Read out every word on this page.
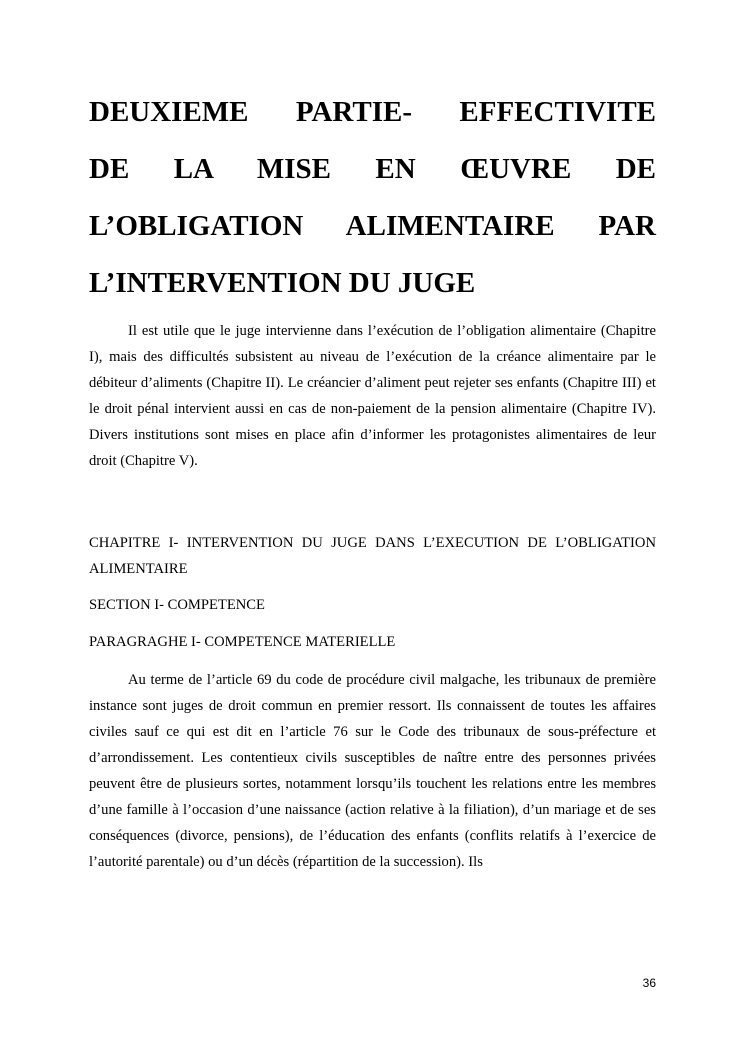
DEUXIEME PARTIE- EFFECTIVITE
DE LA MISE EN ŒUVRE DE
L’OBLIGATION ALIMENTAIRE PAR
L’INTERVENTION DU JUGE

Il est utile que le juge intervienne dans l’exécution de l’obligation alimentaire (Chapitre I), mais des difficultés subsistent au niveau de l’exécution de la créance alimentaire par le débiteur d’aliments (Chapitre II). Le créancier d’aliment peut rejeter ses enfants (Chapitre III) et le droit pénal intervient aussi en cas de non-paiement de la pension alimentaire (Chapitre IV). Divers institutions sont mises en place afin d’informer les protagonistes alimentaires de leur droit (Chapitre V).

CHAPITRE I- INTERVENTION DU JUGE DANS L’EXECUTION DE L’OBLIGATION ALIMENTAIRE

SECTION I- COMPETENCE

PARAGRAGHE I- COMPETENCE MATERIELLE

Au terme de l’article 69 du code de procédure civil malgache, les tribunaux de première instance sont juges de droit commun en premier ressort. Ils connaissent de toutes les affaires civiles sauf ce qui est dit en l’article 76 sur le Code des tribunaux de sous-préfecture et d’arrondissement. Les contentieux civils susceptibles de naître entre des personnes privées peuvent être de plusieurs sortes, notamment lorsqu’ils touchent les relations entre les membres d’une famille à l’occasion d’une naissance (action relative à la filiation), d’un mariage et de ses conséquences (divorce, pensions), de l’éducation des enfants (conflits relatifs à l’exercice de l’autorité parentale) ou d’un décès (répartition de la succession). Ils

36
